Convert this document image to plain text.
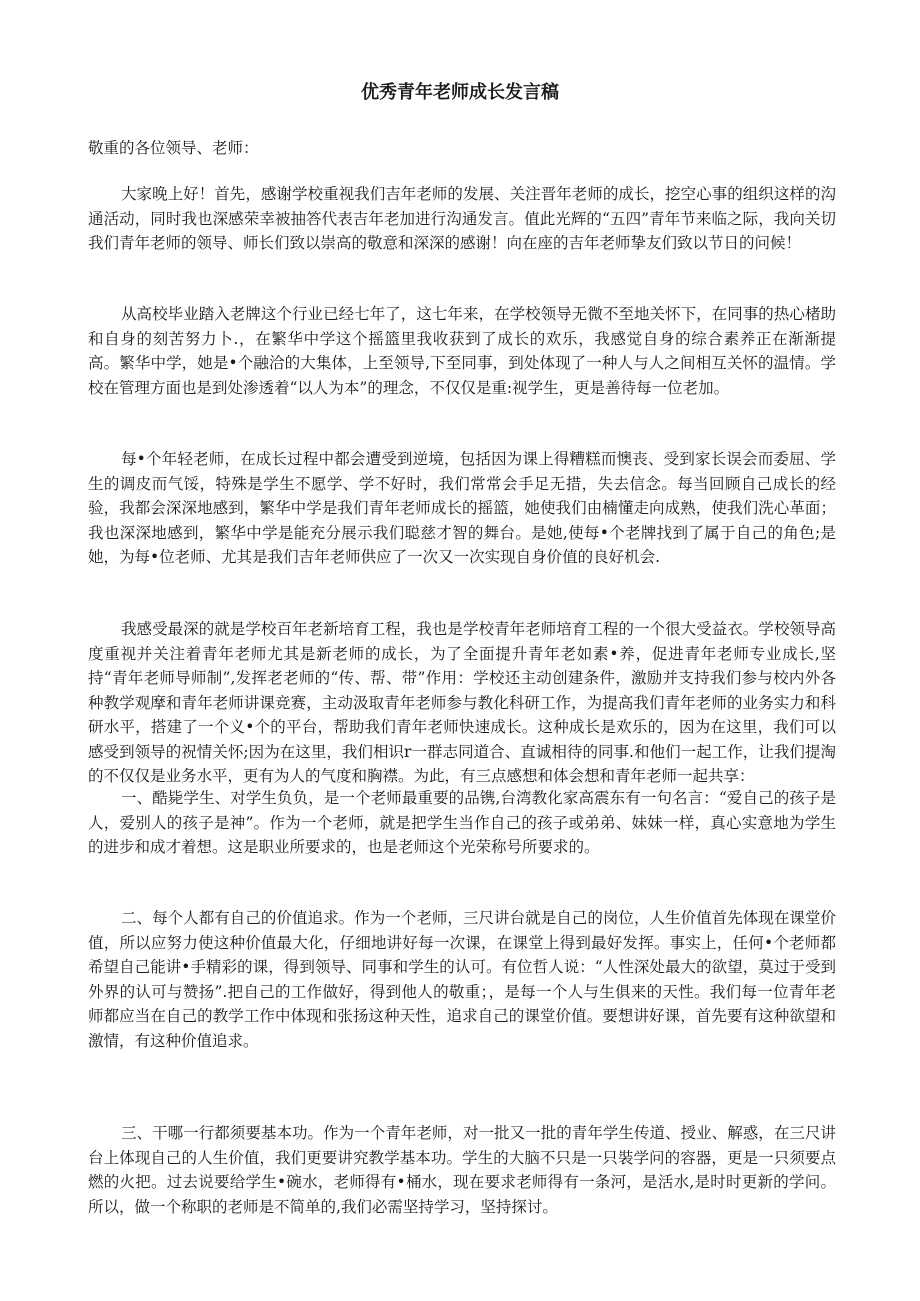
优秀青年老师成长发言稿
敬重的各位领导、老师：

大家晚上好！首先，感谢学校重视我们吉年老师的发展、关注晋年老师的成长，挖空心事的组织这样的沟通活动，同时我也深感荣幸被抽答代表吉年老加进行沟通发言。值此光辉的“五四”青年节来临之际，我向关切我们青年老师的领导、师长们致以崇高的敬意和深深的感谢！向在座的吉年老师挚友们致以节日的问候！

从高校毕业踏入老牌这个行业已经七年了，这七年来，在学校领导无微不至地关怀下，在同事的热心楮助和自身的刻苦努力卜.，在繁华中学这个摇篮里我收获到了成长的欢乐，我感觉自身的综合素养正在渐渐提高。繁华中学，她是•个融洽的大集体，上至领导,下至同事，到处体现了一种人与人之间相互关怀的温情。学校在管理方面也是到处渗透着“以人为本”的理念，不仅仅是重:视学生，更是善待每一位老加。

每•个年轻老师，在成长过程中都会遭受到逆境，包括因为课上得糟糕而懊丧、受到家长误会而委屈、学生的调皮而气馁，特殊是学生不愿学、学不好时，我们常常会手足无措，失去信念。每当回顾自己成长的经验，我都会深深地感到，繁华中学是我们青年老师成长的摇篮，她使我们由楠懂走向成熟，使我们洗心革面；我也深深地感到，繁华中学是能充分展示我们聪慈才智的舞台。是她,使每•个老牌找到了属于自己的角色;是她，为每•位老师、尤其是我们吉年老师供应了一次又一次实现自身价值的良好机会.

我感受最深的就是学校百年老新培育工程，我也是学校青年老师培育工程的一个很大受益衣。学校领导高度重视并关注着青年老师尤其是新老师的成长，为了全面提升青年老如素•养，促进青年老师专业成长,坚持“青年老师导师制”,发挥老老师的“传、帮、带”作用：学校还主动创建条件，激励并支持我们参与校内外各种教学观摩和青年老师讲课竞赛，主动汲取青年老师参与教化科研工作，为提高我们青年老师的业务实力和科研水平，搭建了一个义•个的平台，帮助我们青年老师快速成长。这种成长是欢乐的，因为在这里，我们可以感受到领导的祝情关怀;因为在这里，我们相识r一群志同道合、直诚相待的同事.和他们一起工作，让我们提淘的不仅仅是业务水平，更有为人的气度和胸襟。为此，有三点感想和体会想和青年老师一起共享：

一、酷毙学生、对学生负负，是一个老师最重要的品镌,台湾教化家高震东有一句名言：“爱自己的孩子是人，爱别人的孩子是神”。作为一个老师，就是把学生当作自己的孩子或弟弟、妹妹一样，真心实意地为学生的进步和成才着想。这是职业所要求的，也是老师这个光荣称号所要求的。

二、每个人都有自己的价值追求。作为一个老师，三尺讲台就是自己的岗位，人生价值首先体现在课堂价值，所以应努力使这种价值最大化，仔细地讲好每一次课，在课堂上得到最好发挥。事实上，任何•个老师都希望自己能讲•手精彩的课，得到领导、同事和学生的认可。有位哲人说：“人性深处最大的欲望，莫过于受到外界的认可与赞扬”.把自己的工作做好，得到他人的敬重；，是每一个人与生俱来的天性。我们每一位青年老师都应当在自己的教学工作中体现和张扬这种天性，追求自己的课堂价值。要想讲好课，首先要有这种欲望和激情，有这种价值追求。

三、干哪一行都须要基本功。作为一个青年老师，对一批又一批的青年学生传道、授业、解惑，在三尺讲台上体现自己的人生价值，我们更要讲究教学基本功。学生的大脑不只是一只裝学问的容器，更是一只须要点燃的火把。过去说要给学生•碗水，老师得有•桶水，现在要求老师得有一条河，是活水,是时时更新的学问。所以，做一个称职的老师是不简单的,我们必需坚持学习，坚持探讨。
